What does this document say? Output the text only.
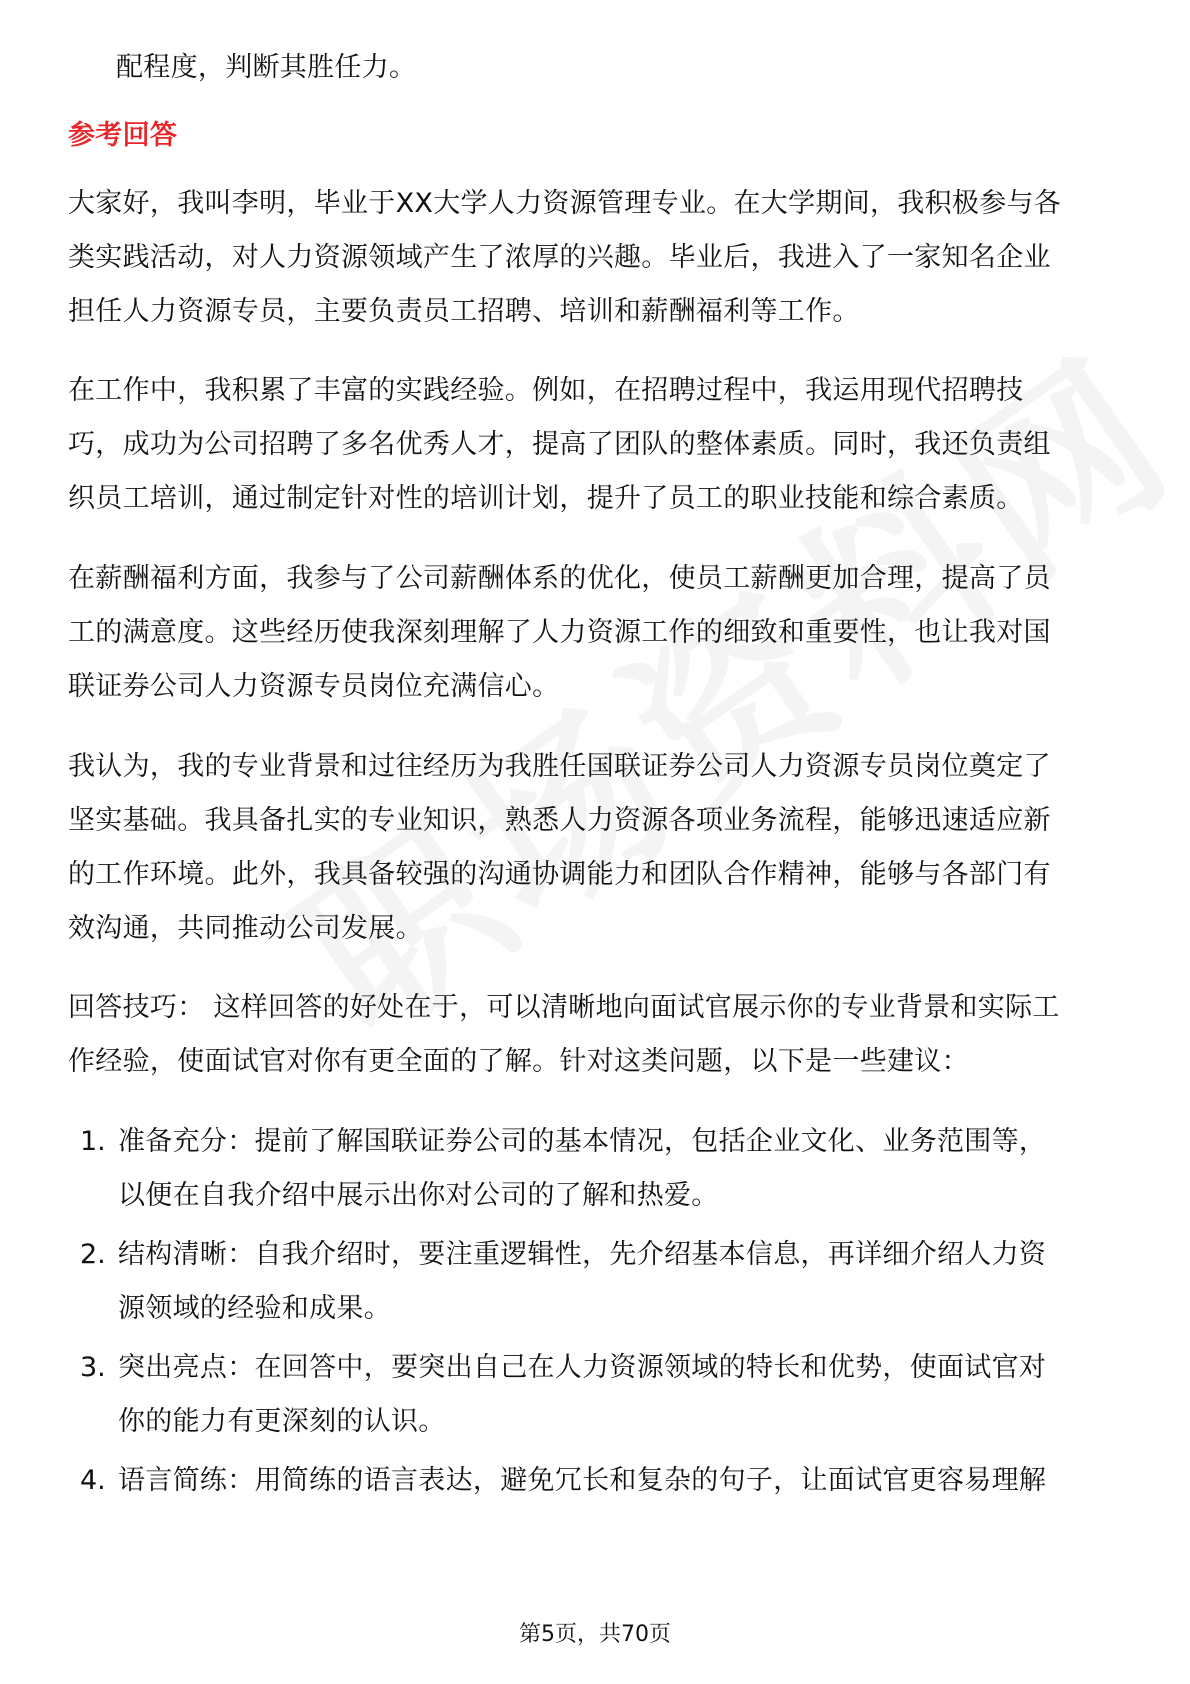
配程度，判断其胜任力。
参考回答
大家好，我叫李明，毕业于XX大学人力资源管理专业。在大学期间，我积极参与各
类实践活动，对人力资源领域产生了浓厚的兴趣。毕业后，我进入了一家知名企业
担任人力资源专员，主要负责员工招聘、培训和薪酬福利等工作。
在工作中，我积累了丰富的实践经验。例如，在招聘过程中，我运用现代招聘技
巧，成功为公司招聘了多名优秀人才，提高了团队的整体素质。同时，我还负责组
织员工培训，通过制定针对性的培训计划，提升了员工的职业技能和综合素质。
在薪酬福利方面，我参与了公司薪酬体系的优化，使员工薪酬更加合理，提高了员
工的满意度。这些经历使我深刻理解了人力资源工作的细致和重要性，也让我对国
联证券公司人力资源专员岗位充满信心。
我认为，我的专业背景和过往经历为我胜任国联证券公司人力资源专员岗位奠定了
坚实基础。我具备扎实的专业知识，熟悉人力资源各项业务流程，能够迅速适应新
的工作环境。此外，我具备较强的沟通协调能力和团队合作精神，能够与各部门有
效沟通，共同推动公司发展。
回答技巧： 这样回答的好处在于，可以清晰地向面试官展示你的专业背景和实际工
作经验，使面试官对你有更全面的了解。针对这类问题，以下是一些建议：
1. 准备充分：提前了解国联证券公司的基本情况，包括企业文化、业务范围等，
以便在自我介绍中展示出你对公司的了解和热爱。
2. 结构清晰：自我介绍时，要注重逻辑性，先介绍基本信息，再详细介绍人力资
源领域的经验和成果。
3. 突出亮点：在回答中，要突出自己在人力资源领域的特长和优势，使面试官对
你的能力有更深刻的认识。
4. 语言简练：用简练的语言表达，避免冗长和复杂的句子，让面试官更容易理解
第5页，共70页
